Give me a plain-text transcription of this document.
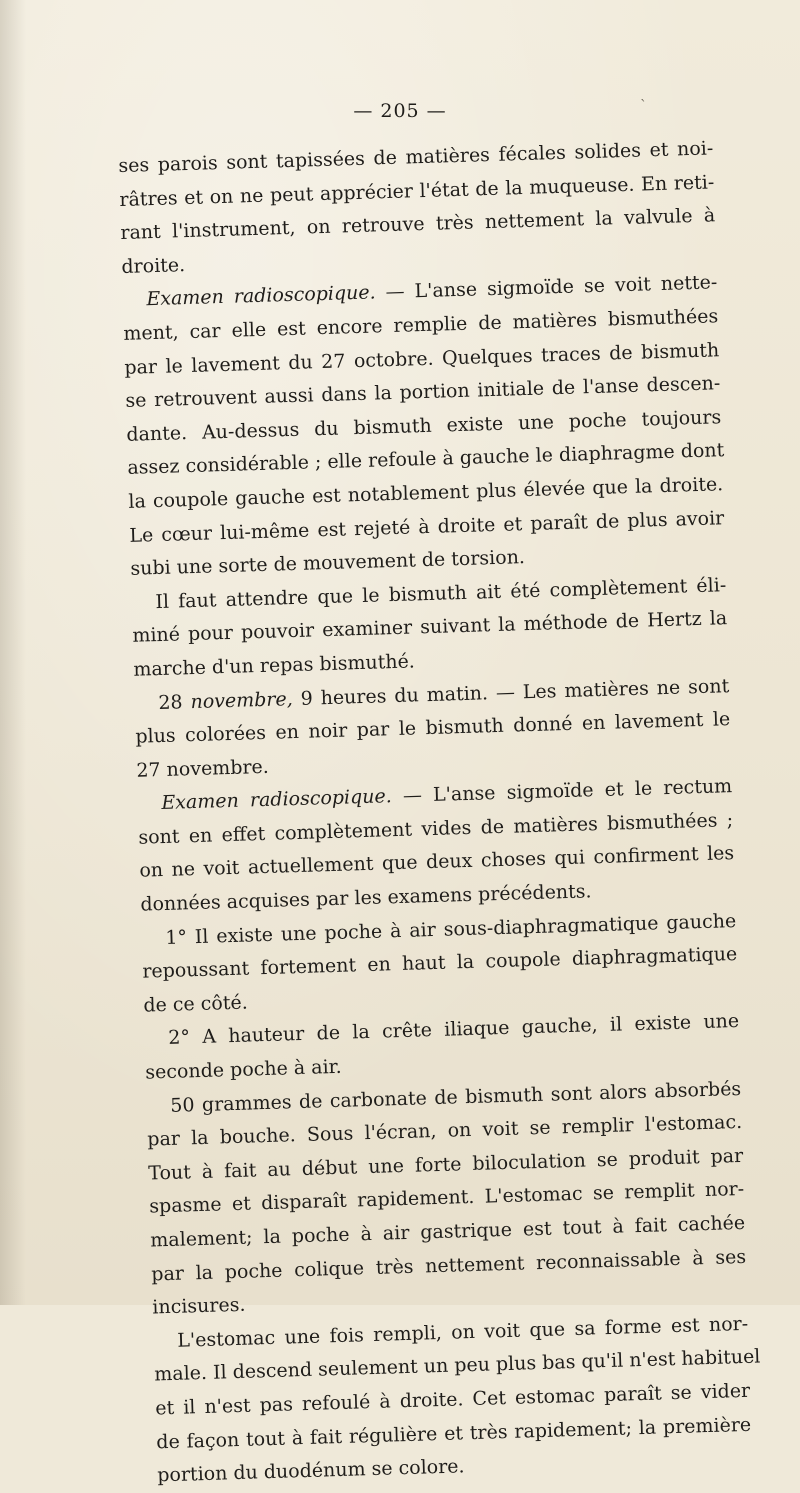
— 205 —	`
ses parois sont tapissées de matières fécales solides et noi-
râtres et on ne peut apprécier l'état de la muqueuse. En reti-
rant l'instrument, on retrouve très nettement la valvule à
droite.
Examen radioscopique. — L'anse sigmoïde se voit nette-
ment, car elle est encore remplie de matières bismuthées
par le lavement du 27 octobre. Quelques traces de bismuth
se retrouvent aussi dans la portion initiale de l'anse descen-
dante. Au-dessus du bismuth existe une poche toujours
assez considérable ; elle refoule à gauche le diaphragme dont
la coupole gauche est notablement plus élevée que la droite.
Le cœur lui-même est rejeté à droite et paraît de plus avoir
subi une sorte de mouvement de torsion.
Il faut attendre que le bismuth ait été complètement éli-
miné pour pouvoir examiner suivant la méthode de Hertz la
marche d'un repas bismuthé.
28 novembre, 9 heures du matin. — Les matières ne sont
plus colorées en noir par le bismuth donné en lavement le
27 novembre.
Examen radioscopique. — L'anse sigmoïde et le rectum
sont en effet complètement vides de matières bismuthées ;
on ne voit actuellement que deux choses qui confirment les
données acquises par les examens précédents.
1° Il existe une poche à air sous-diaphragmatique gauche
repoussant fortement en haut la coupole diaphragmatique
de ce côté.
2° A hauteur de la crête iliaque gauche, il existe une
seconde poche à air.
50 grammes de carbonate de bismuth sont alors absorbés
par la bouche. Sous l'écran, on voit se remplir l'estomac.
Tout à fait au début une forte biloculation se produit par
spasme et disparaît rapidement. L'estomac se remplit nor-
malement; la poche à air gastrique est tout à fait cachée
par la poche colique très nettement reconnaissable à ses
incisures.
L'estomac une fois rempli, on voit que sa forme est nor-
male. Il descend seulement un peu plus bas qu'il n'est habituel
et il n'est pas refoulé à droite. Cet estomac paraît se vider
de façon tout à fait régulière et très rapidement; la première
portion du duodénum se colore.
